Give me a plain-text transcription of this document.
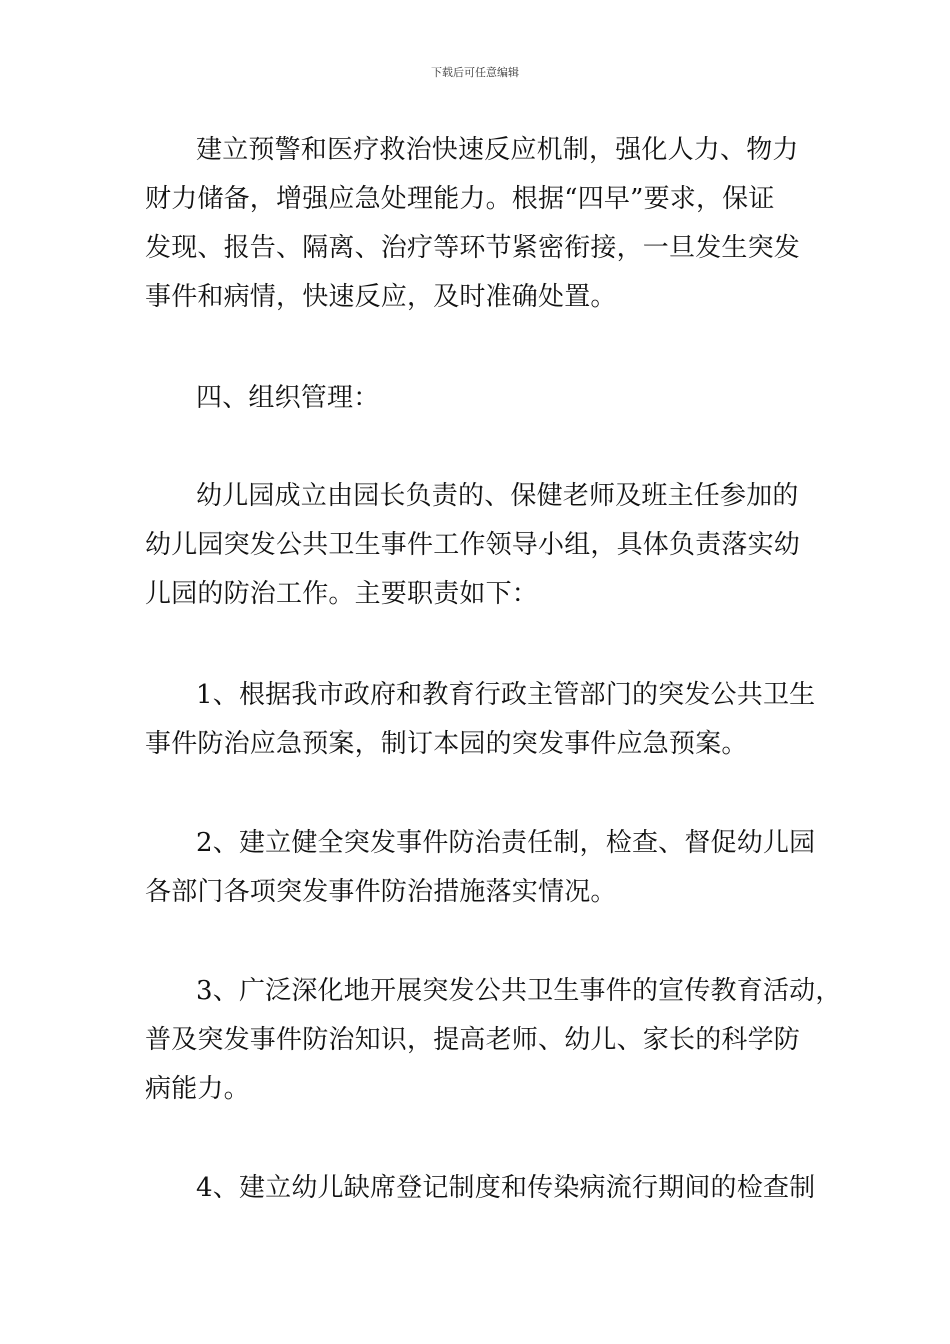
下载后可任意编辑
建立预警和医疗救治快速反应机制，强化人力、物力
财力储备，增强应急处理能力。根据“四早”要求，保证
发现、报告、隔离、治疗等环节紧密衔接，一旦发生突发
事件和病情，快速反应，及时准确处置。
四、组织管理：
幼儿园成立由园长负责的、保健老师及班主任参加的
幼儿园突发公共卫生事件工作领导小组，具体负责落实幼
儿园的防治工作。主要职责如下：
1、根据我市政府和教育行政主管部门的突发公共卫生
事件防治应急预案，制订本园的突发事件应急预案。
2、建立健全突发事件防治责任制，检查、督促幼儿园
各部门各项突发事件防治措施落实情况。
3、广泛深化地开展突发公共卫生事件的宣传教育活动，
普及突发事件防治知识，提高老师、幼儿、家长的科学防
病能力。
4、建立幼儿缺席登记制度和传染病流行期间的检查制
